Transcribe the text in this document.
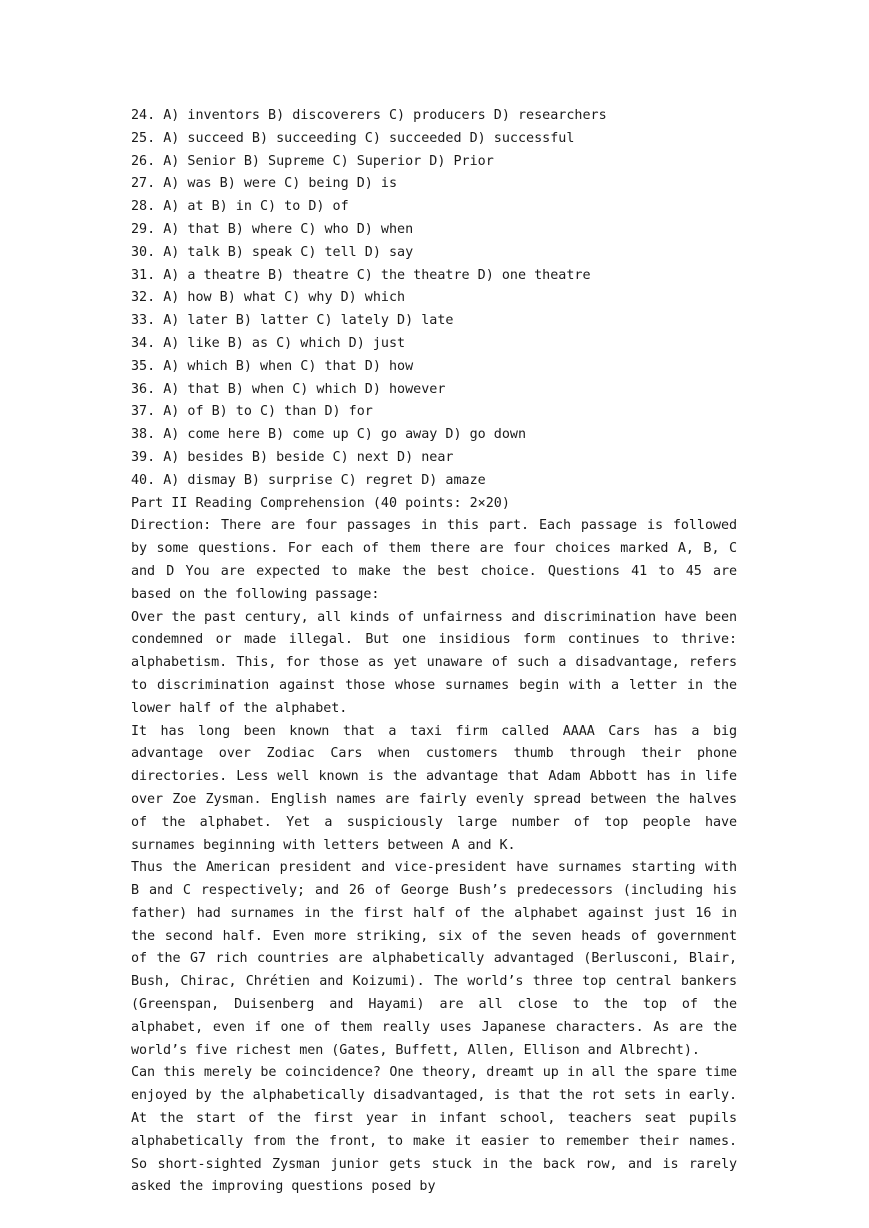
24. A) inventors B) discoverers C) producers D) researchers
25. A) succeed B) succeeding C) succeeded D) successful
26. A) Senior B) Supreme C) Superior D) Prior
27. A) was B) were C) being D) is
28. A) at B) in C) to D) of
29. A) that B) where C) who D) when
30. A) talk B) speak C) tell D) say
31. A) a theatre B) theatre C) the theatre D) one theatre
32. A) how B) what C) why D) which
33. A) later B) latter C) lately D) late
34. A) like B) as C) which D) just
35. A) which B) when C) that D) how
36. A) that B) when C) which D) however
37. A) of B) to C) than D) for
38. A) come here B) come up C) go away D) go down
39. A) besides B) beside C) next D) near
40. A) dismay B) surprise C) regret D) amaze
Part II Reading Comprehension (40 points: 2×20)
Direction: There are four passages in this part. Each passage is followed by some questions. For each of them there are four choices marked A, B, C and D You are expected to make the best choice. Questions 41 to 45 are based on the following passage:
Over the past century, all kinds of unfairness and discrimination have been condemned or made illegal. But one insidious form continues to thrive: alphabetism. This, for those as yet unaware of such a disadvantage, refers to discrimination against those whose surnames begin with a letter in the lower half of the alphabet.
It has long been known that a taxi firm called AAAA Cars has a big advantage over Zodiac Cars when customers thumb through their phone directories. Less well known is the advantage that Adam Abbott has in life over Zoe Zysman. English names are fairly evenly spread between the halves of the alphabet. Yet a suspiciously large number of top people have surnames beginning with letters between A and K.
Thus the American president and vice-president have surnames starting with B and C respectively; and 26 of George Bush’s predecessors (including his father) had surnames in the first half of the alphabet against just 16 in the second half. Even more striking, six of the seven heads of government of the G7 rich countries are alphabetically advantaged (Berlusconi, Blair, Bush, Chirac, Chrétien and Koizumi). The world’s three top central bankers (Greenspan, Duisenberg and Hayami) are all close to the top of the alphabet, even if one of them really uses Japanese characters. As are the world’s five richest men (Gates, Buffett, Allen, Ellison and Albrecht).
Can this merely be coincidence? One theory, dreamt up in all the spare time enjoyed by the alphabetically disadvantaged, is that the rot sets in early. At the start of the first year in infant school, teachers seat pupils alphabetically from the front, to make it easier to remember their names. So short-sighted Zysman junior gets stuck in the back row, and is rarely asked the improving questions posed by
